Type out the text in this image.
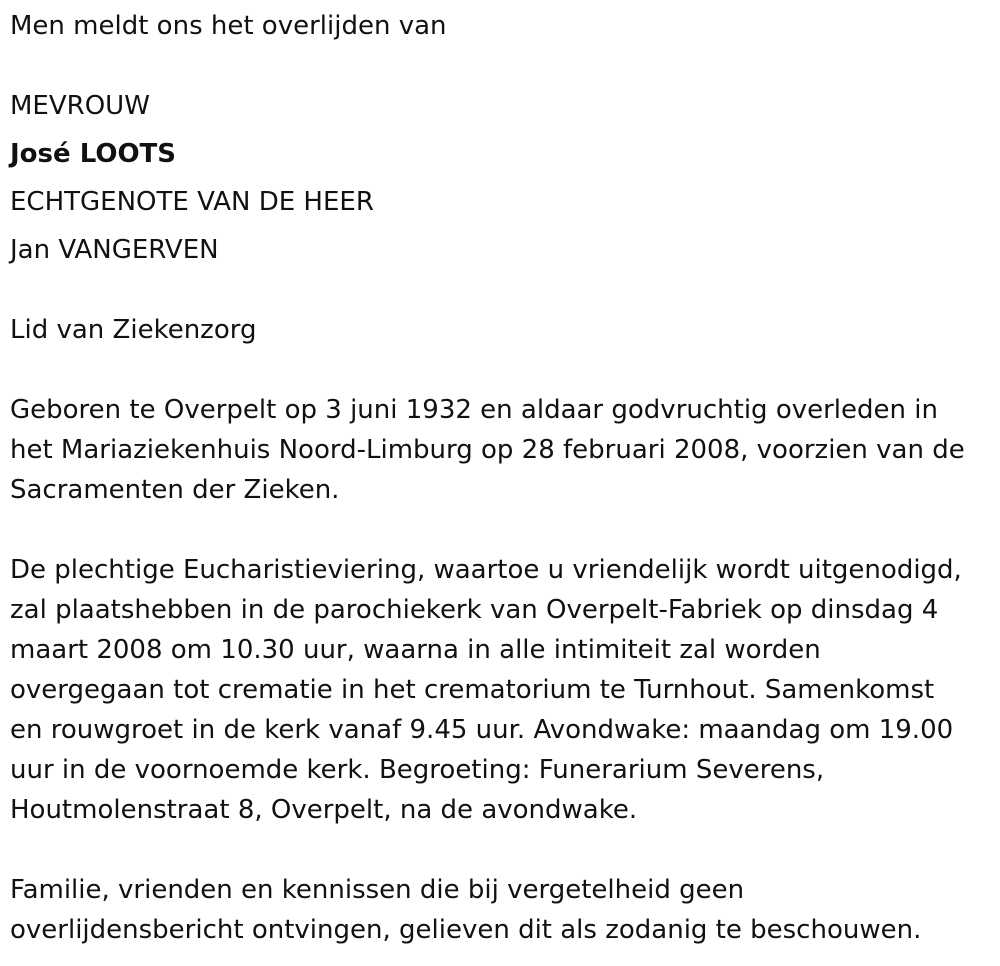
Men meldt ons het overlijden van

MEVROUW

José LOOTS

ECHTGENOTE VAN DE HEER

Jan VANGERVEN

Lid van Ziekenzorg

Geboren te Overpelt op 3 juni 1932 en aldaar godvruchtig overleden in

het Mariaziekenhuis Noord-Limburg op 28 februari 2008, voorzien van de

Sacramenten der Zieken.

De plechtige Eucharistieviering, waartoe u vriendelijk wordt uitgenodigd,

zal plaatshebben in de parochiekerk van Overpelt-Fabriek op dinsdag 4

maart 2008 om 10.30 uur, waarna in alle intimiteit zal worden

overgegaan tot crematie in het crematorium te Turnhout. Samenkomst

en rouwgroet in de kerk vanaf 9.45 uur. Avondwake: maandag om 19.00

uur in de voornoemde kerk. Begroeting: Funerarium Severens,

Houtmolenstraat 8, Overpelt, na de avondwake.

Familie, vrienden en kennissen die bij vergetelheid geen

overlijdensbericht ontvingen, gelieven dit als zodanig te beschouwen.
